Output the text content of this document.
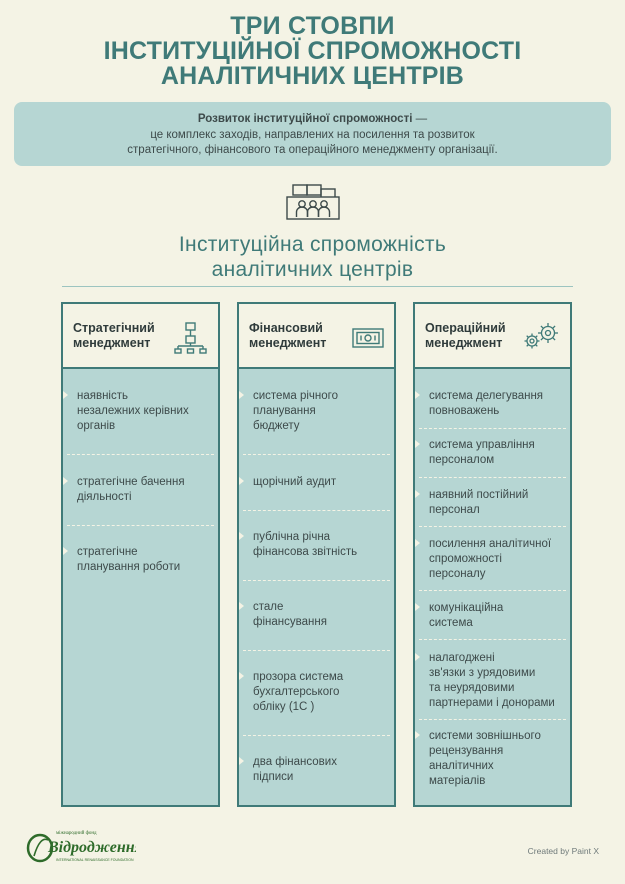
ТРИ СТОВПИ
ІНСТИТУЦІЙНОЇ СПРОМОЖНОСТІ
АНАЛІТИЧНИХ ЦЕНТРІВ
Розвиток інституційної спроможності —
це комплекс заходів, направлених на посилення та розвиток
стратегічного, фінансового та операційного менеджменту організації.
Інституційна спроможність
аналітичних центрів
Стратегічний
менеджмент
наявність
незалежних керівних
органів
стратегічне бачення
діяльності
стратегічне
планування роботи
Фінансовий
менеджмент
система річного
планування
бюджету
щорічний аудит
публічна річна
фінансова звітність
стале
фінансування
прозора система
бухгалтерського
обліку (1С )
два фінансових
підписи
Операційний
менеджмент
система делегування
повноважень
система управління
персоналом
наявний постійний
персонал
посилення аналітичної
спроможності
персоналу
комунікаційна
система
налагоджені
зв'язки з урядовими
та неурядовими
партнерами і донорами
системи зовнішнього
рецензування
аналітичних
матеріалів
міжнародний фонд
Відродження
INTERNATIONAL RENAISSANCE FOUNDATION
Created by Paint X
